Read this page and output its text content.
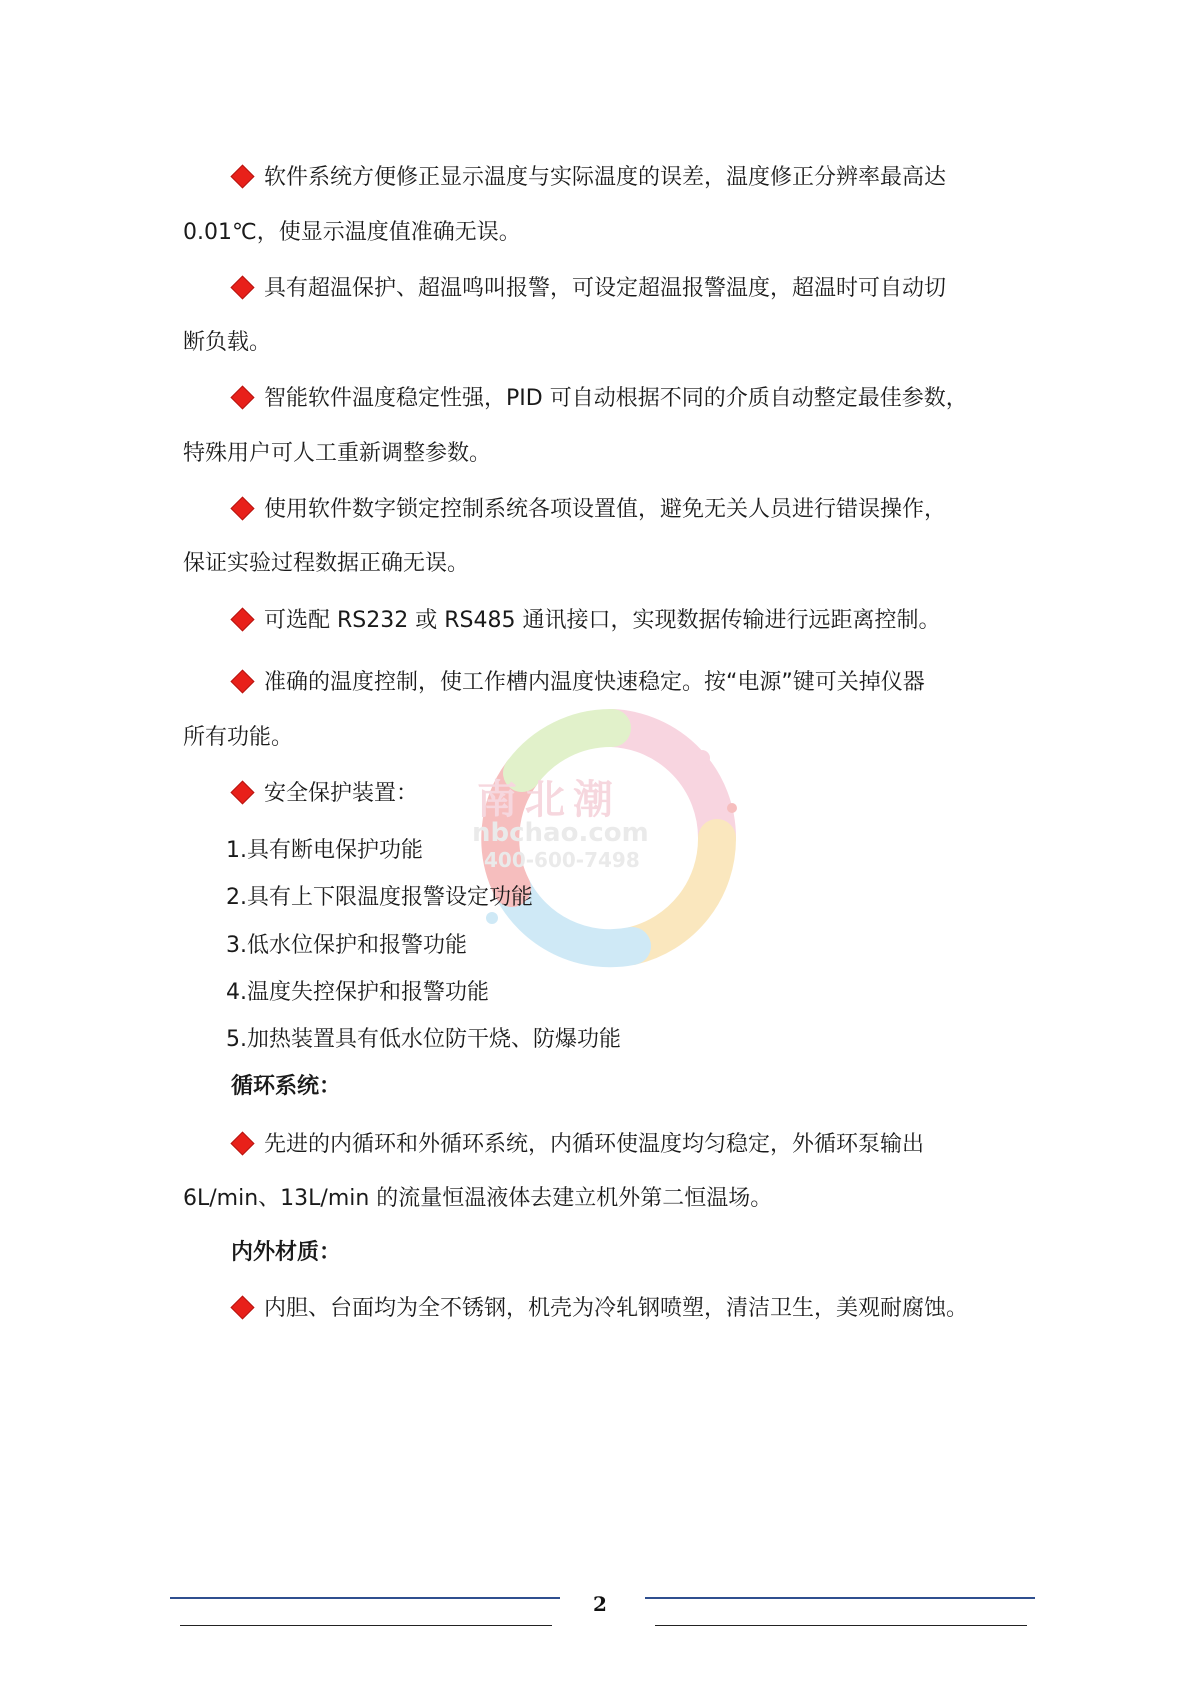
南北潮
nbchao.com
400-600-7498
软件系统方便修正显示温度与实际温度的误差，温度修正分辨率最高达
0.01℃，使显示温度值准确无误。
具有超温保护、超温鸣叫报警，可设定超温报警温度，超温时可自动切
断负载。
智能软件温度稳定性强，PID 可自动根据不同的介质自动整定最佳参数，
特殊用户可人工重新调整参数。
使用软件数字锁定控制系统各项设置值，避免无关人员进行错误操作，
保证实验过程数据正确无误。
可选配 RS232 或 RS485 通讯接口，实现数据传输进行远距离控制。
准确的温度控制，使工作槽内温度快速稳定。按“电源”键可关掉仪器
所有功能。
安全保护装置：
1.具有断电保护功能
2.具有上下限温度报警设定功能
3.低水位保护和报警功能
4.温度失控保护和报警功能
5.加热装置具有低水位防干烧、防爆功能
循环系统：
先进的内循环和外循环系统，内循环使温度均匀稳定，外循环泵输出
6L/min、13L/min 的流量恒温液体去建立机外第二恒温场。
内外材质：
内胆、台面均为全不锈钢，机壳为冷轧钢喷塑，清洁卫生，美观耐腐蚀。
2
